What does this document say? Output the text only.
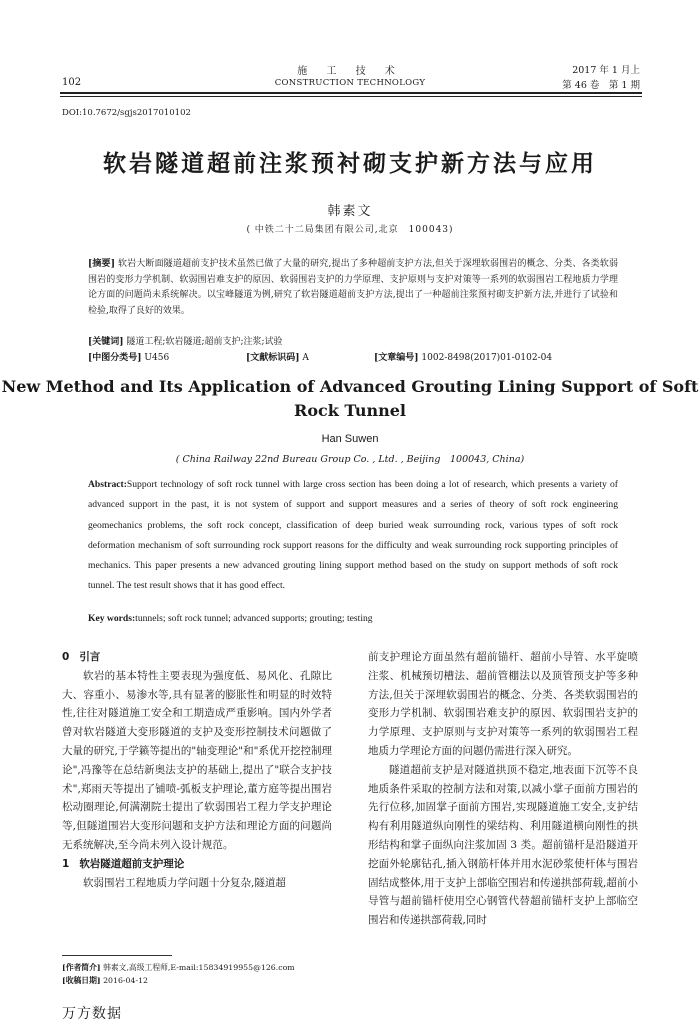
102
施 工 技 术
CONSTRUCTION TECHNOLOGY
2017 年 1 月上
第 46 卷　第 1 期
DOI:10.7672/sgjs2017010102
软岩隧道超前注浆预衬砌支护新方法与应用
韩素文
( 中铁二十二局集团有限公司,北京　100043)
[摘要] 软岩大断面隧道超前支护技术虽然已做了大量的研究,提出了多种超前支护方法,但关于深埋软弱围岩的概念、分类、各类软弱围岩的变形力学机制、软弱围岩难支护的原因、软弱围岩支护的力学原理、支护原则与支护对策等一系列的软弱围岩工程地质力学理论方面的问题尚未系统解决。以宝峰隧道为例,研究了软岩隧道超前支护方法,提出了一种超前注浆预衬砌支护新方法,并进行了试验和检验,取得了良好的效果。
[关键词] 隧道工程;软岩隧道;超前支护;注浆;试验
[中图分类号] U456	[文献标识码] A	[文章编号] 1002-8498(2017)01-0102-04
New Method and Its Application of Advanced Grouting Lining Support of Soft Rock Tunnel
Han Suwen
( China Railway 22nd Bureau Group Co. , Ltd. , Beijing　100043, China)
Abstract:Support technology of soft rock tunnel with large cross section has been doing a lot of research, which presents a variety of advanced support in the past, it is not system of support and support measures and a series of theory of soft rock engineering geomechanics problems, the soft rock concept, classification of deep buried weak surrounding rock, various types of soft rock deformation mechanism of soft surrounding rock support reasons for the difficulty and weak surrounding rock supporting principles of mechanics. This paper presents a new advanced grouting lining support method based on the study on support methods of soft rock tunnel. The test result shows that it has good effect.
Key words:tunnels; soft rock tunnel; advanced supports; grouting; testing

0 引言

软岩的基本特性主要表现为强度低、易风化、孔隙比大、容重小、易渗水等,具有显著的膨胀性和明显的时效特性,往往对隧道施工安全和工期造成严重影响。国内外学者曾对软岩隧道大变形隧道的支护及变形控制技术问题做了大量的研究,于学籁等提出的"轴变理论"和"系优开挖控制理论",冯豫等在总结新奥法支护的基础上,提出了"联合支护技术",郑雨天等提出了铺喷-弧板支护理论,董方庭等提出围岩松动圈理论,何满潮院士提出了软弱围岩工程力学支护理论等,但隧道围岩大变形问题和支护方法和理论方面的问题尚无系统解决,至今尚未列入设计规范。

1 软岩隧道超前支护理论

软弱围岩工程地质力学问题十分复杂,隧道超

前支护理论方面虽然有超前锚杆、超前小导管、水平旋喷注浆、机械预切槽法、超前管棚法以及顶管预支护等多种方法,但关于深埋软弱围岩的概念、分类、各类软弱围岩的变形力学机制、软弱围岩难支护的原因、软弱围岩支护的力学原理、支护原则与支护对策等一系列的软弱围岩工程地质力学理论方面的问题仍需进行深入研究。

隧道超前支护是对隧道拱顶不稳定,地表面下沉等不良地质条件采取的控制方法和对策,以减小掌子面前方围岩的先行位移,加固掌子面前方围岩,实现隧道施工安全,支护结构有利用隧道纵向刚性的梁结构、利用隧道横向刚性的拱形结构和掌子面纵向注浆加固 3 类。超前锚杆是沿隧道开挖面外轮廓钻孔,插入钢筋杆体并用水泥砂浆使杆体与围岩固结成整体,用于支护上部临空围岩和传递拱部荷载,超前小导管与超前锚杆使用空心钢管代替超前锚杆支护上部临空围岩和传递拱部荷载,同时

[作者简介] 韩素文,高级工程师,E-mail:15834919955@126.com
[收稿日期] 2016-04-12
万方数据
